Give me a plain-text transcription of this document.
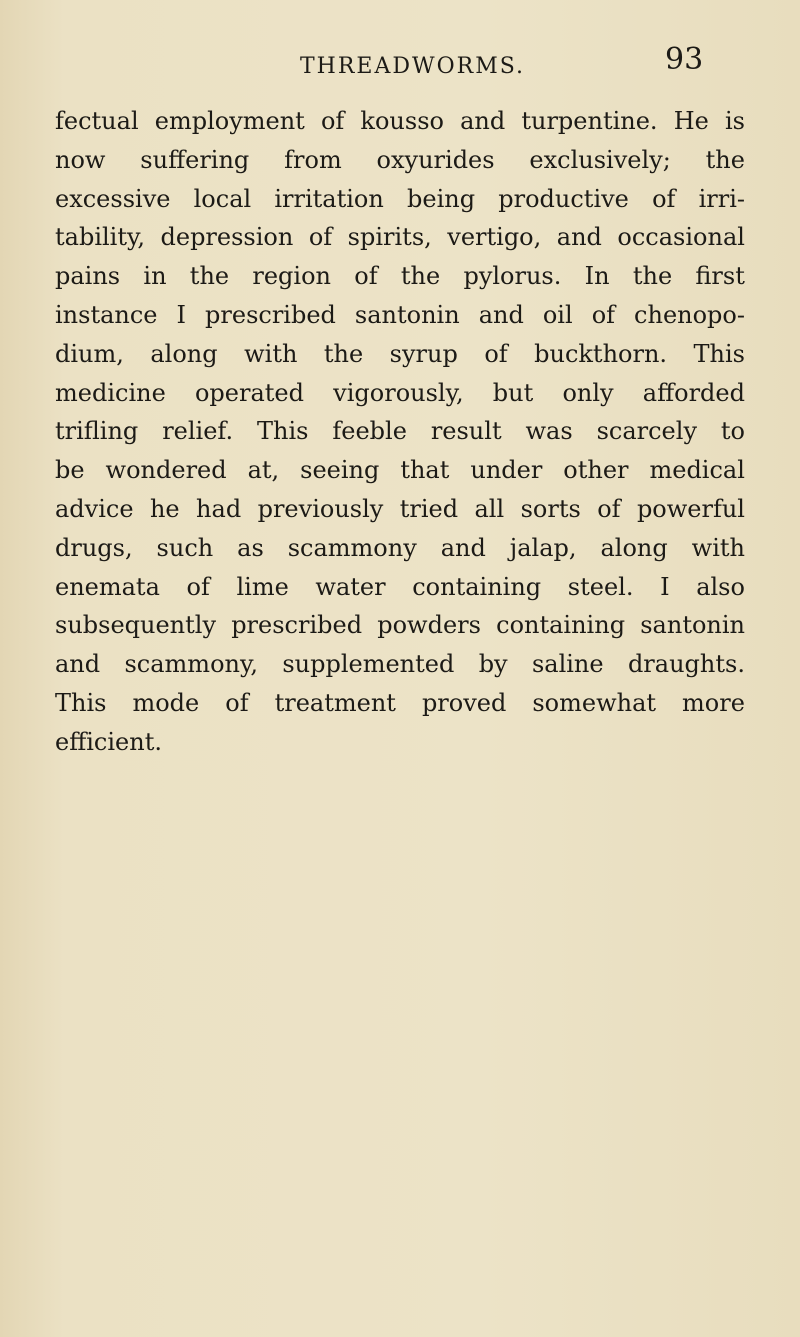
THREADWORMS.	93
fectual employment of kousso and turpentine. He is
now suffering from oxyurides exclusively; the
excessive local irritation being productive of irri-
tability, depression of spirits, vertigo, and occasional
pains in the region of the pylorus. In the first
instance I prescribed santonin and oil of chenopo-
dium, along with the syrup of buckthorn. This
medicine operated vigorously, but only afforded
trifling relief. This feeble result was scarcely to
be wondered at, seeing that under other medical
advice he had previously tried all sorts of powerful
drugs, such as scammony and jalap, along with
enemata of lime water containing steel. I also
subsequently prescribed powders containing santonin
and scammony, supplemented by saline draughts.
This mode of treatment proved somewhat more
efficient.
